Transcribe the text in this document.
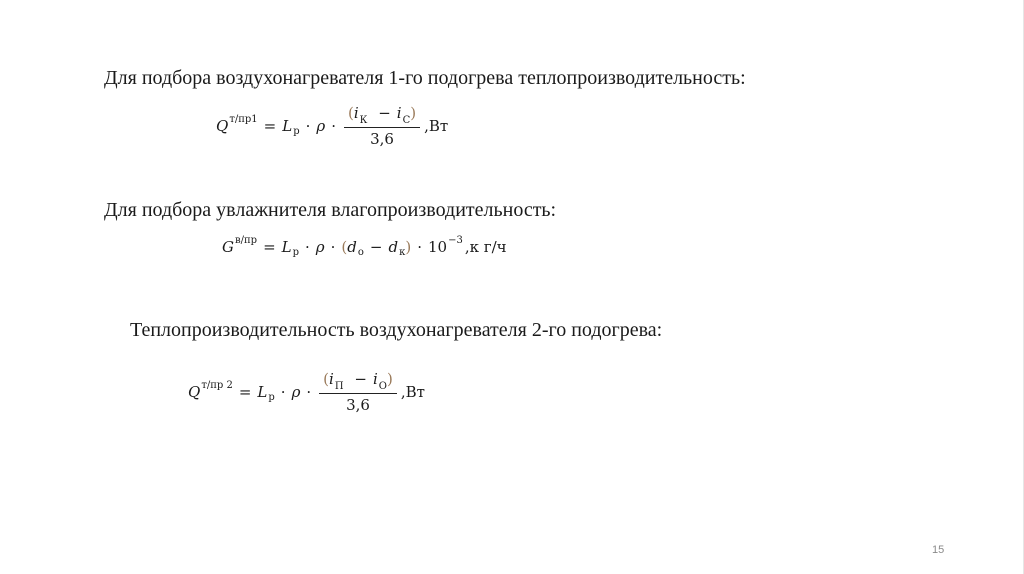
Для подбора воздухонагревателя 1-го подогрева теплопроизводительность:
Q т/пр1 = L $р \cdot \rho \cdot \frac{(i_К - i_С)}{3,6} ,Вт$
Для подбора увлажнителя влагопроизводительность:
G в/пр = L р · ρ · ( d о − d к ) · 10 −3 ,к г/ч
Теплопроизводительность воздухонагревателя 2-го подогрева:
Q т/пр 2 = L $р \cdot \rho \cdot \frac{(i_П - i_О)}{3,6} ,Вт$
15
